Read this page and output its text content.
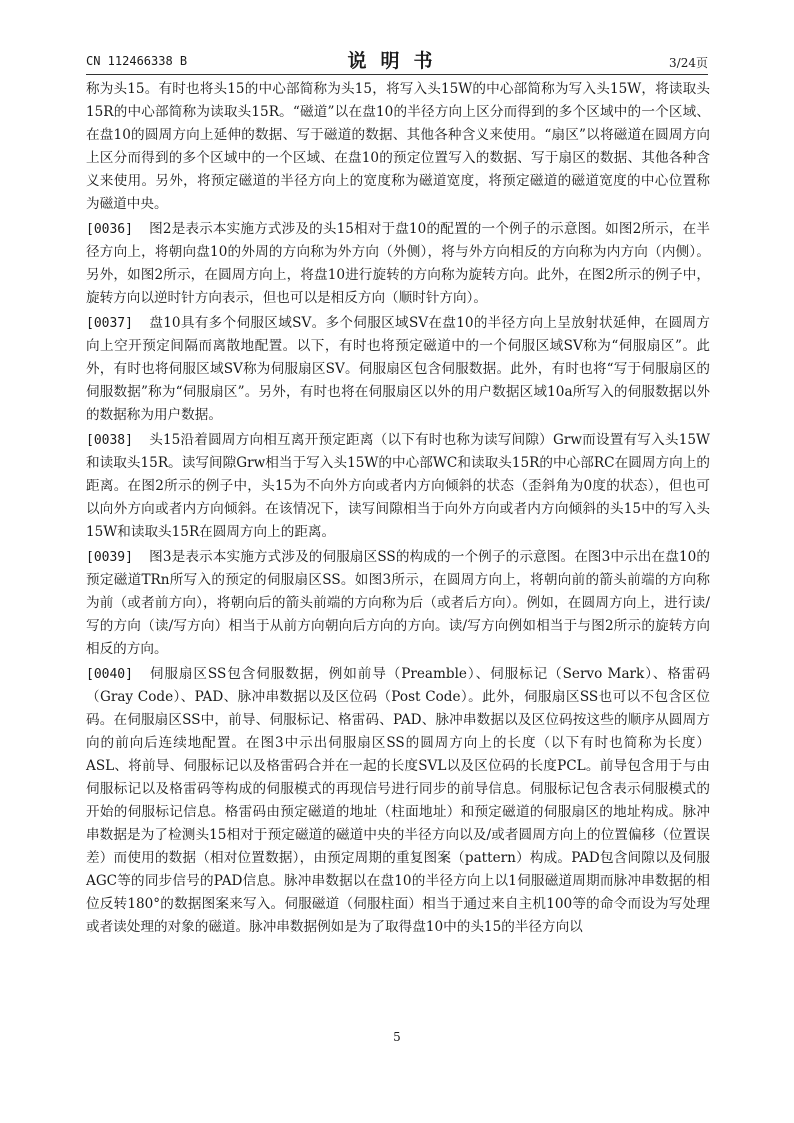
CN 112466338 B	说明书	3/24页

称为头15。有时也将头15的中心部简称为头15，将写入头15W的中心部简称为写入头15W，将读取头15R的中心部简称为读取头15R。“磁道”以在盘10的半径方向上区分而得到的多个区域中的一个区域、在盘10的圆周方向上延伸的数据、写于磁道的数据、其他各种含义来使用。“扇区”以将磁道在圆周方向上区分而得到的多个区域中的一个区域、在盘10的预定位置写入的数据、写于扇区的数据、其他各种含义来使用。另外，将预定磁道的半径方向上的宽度称为磁道宽度，将预定磁道的磁道宽度的中心位置称为磁道中央。

[0036] 图2是表示本实施方式涉及的头15相对于盘10的配置的一个例子的示意图。如图2所示，在半径方向上，将朝向盘10的外周的方向称为外方向（外侧），将与外方向相反的方向称为内方向（内侧）。另外，如图2所示，在圆周方向上，将盘10进行旋转的方向称为旋转方向。此外，在图2所示的例子中，旋转方向以逆时针方向表示，但也可以是相反方向（顺时针方向）。

[0037] 盘10具有多个伺服区域SV。多个伺服区域SV在盘10的半径方向上呈放射状延伸，在圆周方向上空开预定间隔而离散地配置。以下，有时也将预定磁道中的一个伺服区域SV称为“伺服扇区”。此外，有时也将伺服区域SV称为伺服扇区SV。伺服扇区包含伺服数据。此外，有时也将“写于伺服扇区的伺服数据”称为“伺服扇区”。另外，有时也将在伺服扇区以外的用户数据区域10a所写入的伺服数据以外的数据称为用户数据。

[0038] 头15沿着圆周方向相互离开预定距离（以下有时也称为读写间隙）Grw而设置有写入头15W和读取头15R。读写间隙Grw相当于写入头15W的中心部WC和读取头15R的中心部RC在圆周方向上的距离。在图2所示的例子中，头15为不向外方向或者内方向倾斜的状态（歪斜角为0度的状态），但也可以向外方向或者内方向倾斜。在该情况下，读写间隙相当于向外方向或者内方向倾斜的头15中的写入头15W和读取头15R在圆周方向上的距离。

[0039] 图3是表示本实施方式涉及的伺服扇区SS的构成的一个例子的示意图。在图3中示出在盘10的预定磁道TRn所写入的预定的伺服扇区SS。如图3所示，在圆周方向上，将朝向前的箭头前端的方向称为前（或者前方向），将朝向后的箭头前端的方向称为后（或者后方向）。例如，在圆周方向上，进行读/写的方向（读/写方向）相当于从前方向朝向后方向的方向。读/写方向例如相当于与图2所示的旋转方向相反的方向。

[0040] 伺服扇区SS包含伺服数据，例如前导（Preamble）、伺服标记（Servo Mark）、格雷码（Gray Code）、PAD、脉冲串数据以及区位码（Post Code）。此外，伺服扇区SS也可以不包含区位码。在伺服扇区SS中，前导、伺服标记、格雷码、PAD、脉冲串数据以及区位码按这些的顺序从圆周方向的前向后连续地配置。在图3中示出伺服扇区SS的圆周方向上的长度（以下有时也简称为长度）ASL、将前导、伺服标记以及格雷码合并在一起的长度SVL以及区位码的长度PCL。前导包含用于与由伺服标记以及格雷码等构成的伺服模式的再现信号进行同步的前导信息。伺服标记包含表示伺服模式的开始的伺服标记信息。格雷码由预定磁道的地址（柱面地址）和预定磁道的伺服扇区的地址构成。脉冲串数据是为了检测头15相对于预定磁道的磁道中央的半径方向以及/或者圆周方向上的位置偏移（位置误差）而使用的数据（相对位置数据），由预定周期的重复图案（pattern）构成。PAD包含间隙以及伺服AGC等的同步信号的PAD信息。脉冲串数据以在盘10的半径方向上以1伺服磁道周期而脉冲串数据的相位反转180°的数据图案来写入。伺服磁道（伺服柱面）相当于通过来自主机100等的命令而设为写处理或者读处理的对象的磁道。脉冲串数据例如是为了取得盘10中的头15的半径方向以

5
